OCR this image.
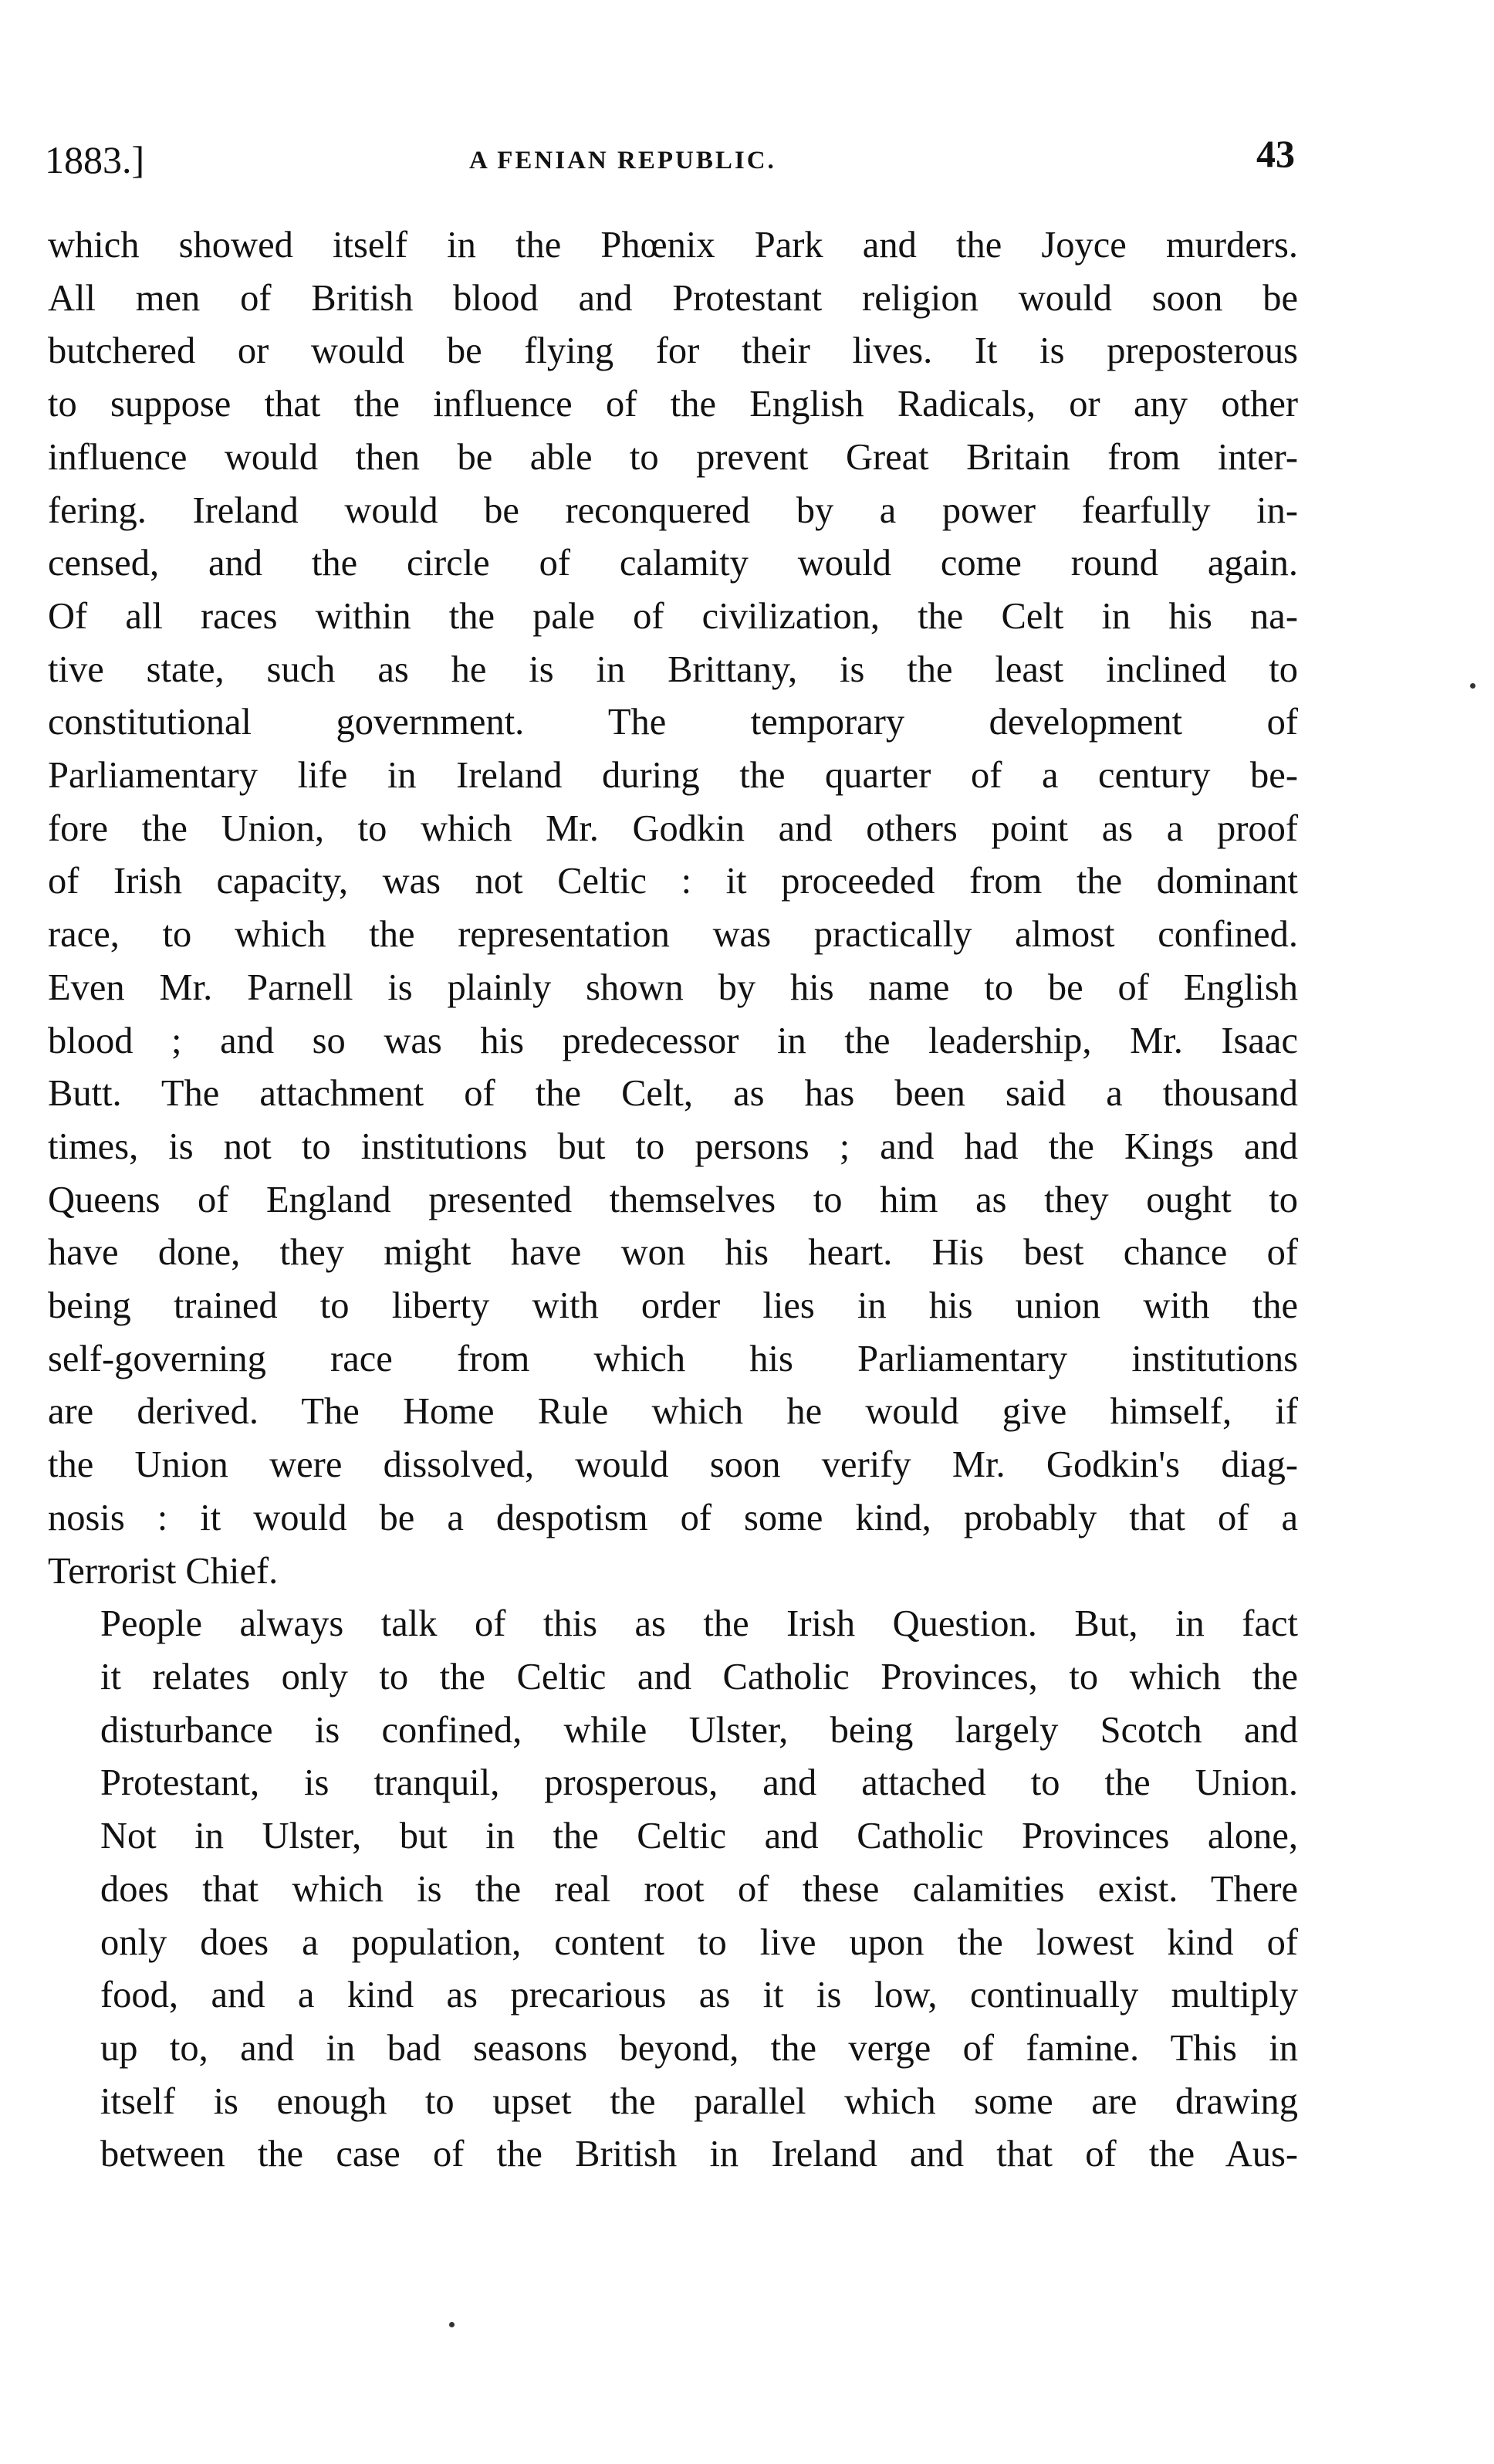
1883.]	A FENIAN REPUBLIC.	43

which showed itself in the Phœnix Park and the Joyce murders.
All men of British blood and Protestant religion would soon be
butchered or would be flying for their lives. It is preposterous
to suppose that the influence of the English Radicals, or any other
influence would then be able to prevent Great Britain from inter-
fering. Ireland would be reconquered by a power fearfully in-
censed, and the circle of calamity would come round again.
Of all races within the pale of civilization, the Celt in his na-
tive state, such as he is in Brittany, is the least inclined to
constitutional government. The temporary development of
Parliamentary life in Ireland during the quarter of a century be-
fore the Union, to which Mr. Godkin and others point as a proof
of Irish capacity, was not Celtic : it proceeded from the dominant
race, to which the representation was practically almost confined.
Even Mr. Parnell is plainly shown by his name to be of English
blood ; and so was his predecessor in the leadership, Mr. Isaac
Butt. The attachment of the Celt, as has been said a thousand
times, is not to institutions but to persons ; and had the Kings and
Queens of England presented themselves to him as they ought to
have done, they might have won his heart. His best chance of
being trained to liberty with order lies in his union with the
self-governing race from which his Parliamentary institutions
are derived. The Home Rule which he would give himself, if
the Union were dissolved, would soon verify Mr. Godkin's diag-
nosis : it would be a despotism of some kind, probably that of a
Terrorist Chief.

People always talk of this as the Irish Question. But, in fact
it relates only to the Celtic and Catholic Provinces, to which the
disturbance is confined, while Ulster, being largely Scotch and
Protestant, is tranquil, prosperous, and attached to the Union.
Not in Ulster, but in the Celtic and Catholic Provinces alone,
does that which is the real root of these calamities exist. There
only does a population, content to live upon the lowest kind of
food, and a kind as precarious as it is low, continually multiply
up to, and in bad seasons beyond, the verge of famine. This in
itself is enough to upset the parallel which some are drawing
between the case of the British in Ireland and that of the Aus-
